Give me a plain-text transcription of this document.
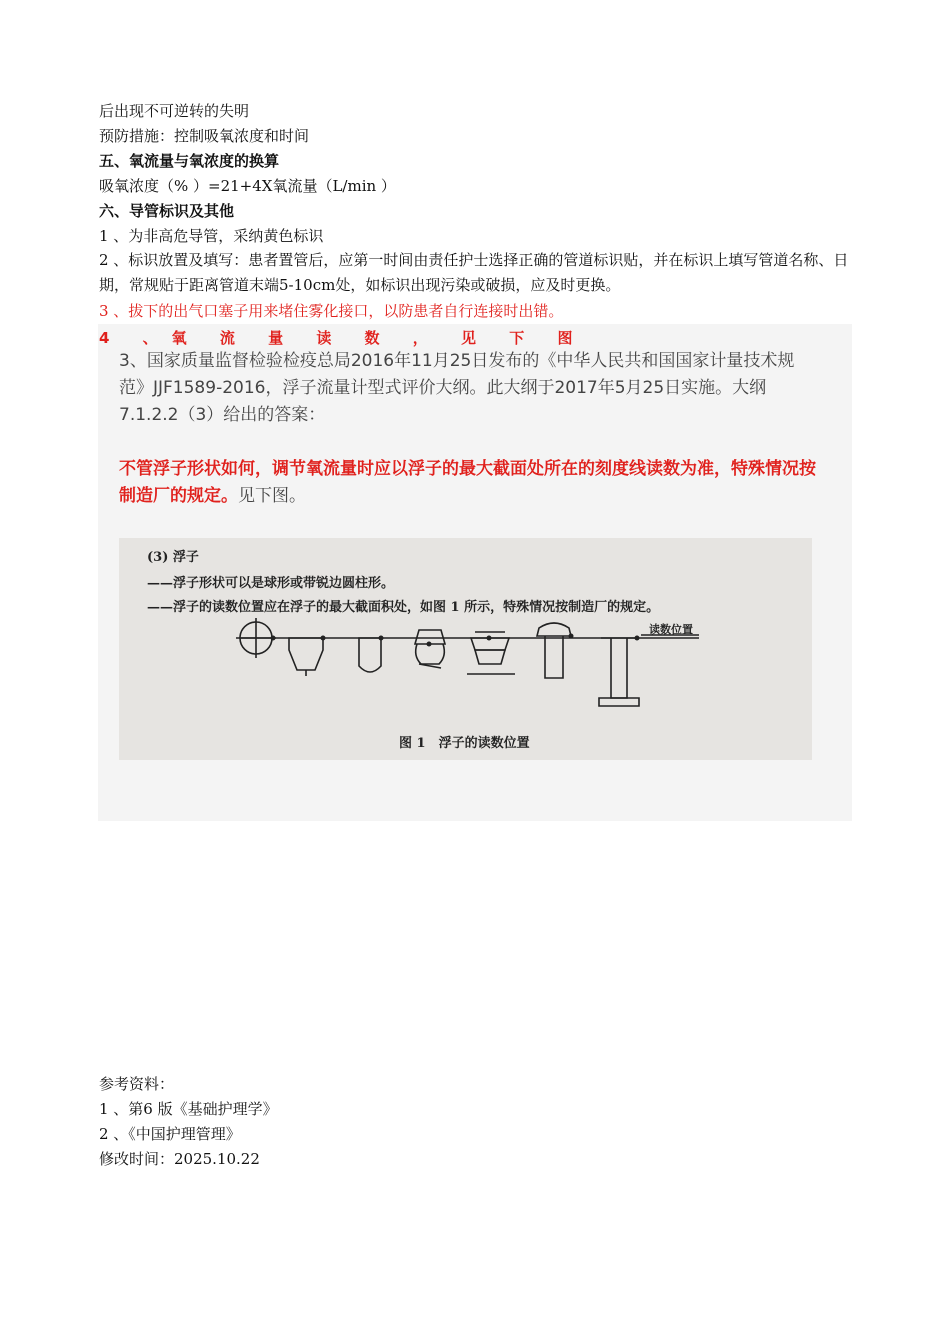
后出现不可逆转的失明
预防措施：控制吸氧浓度和时间
五、氧流量与氧浓度的换算
吸氧浓度（% ）=21+4X氧流量（L/min ）
六、导管标识及其他
1 、为非高危导管，采纳黄色标识
2 、标识放置及填写：患者置管后，应第一时间由责任护士选择正确的管道标识贴，并在标识上填写管道名称、日期，常规贴于距离管道末端5-10cm处，如标识出现污染或破损，应及时更换。
3 、拔下的出气口塞子用来堵住雾化接口，以防患者自行连接时出错。
3、国家质量监督检验检疫总局2016年11月25日发布的《中华人民共和国国家计量技术规范》JJF1589-2016，浮子流量计型式评价大纲。此大纲于2017年5月25日实施。大纲7.1.2.2（3）给出的答案：
不管浮子形状如何，调节氧流量时应以浮子的最大截面处所在的刻度线读数为准，特殊情况按制造厂的规定。见下图。
(3) 浮子
——浮子形状可以是球形或带锐边圆柱形。
——浮子的读数位置应在浮子的最大截面积处，如图 1 所示，特殊情况按制造厂的规定。
读数位置
图 1　浮子的读数位置
4 、氧 流 量 读 数 ， 见 下 图
参考资料：
1 、第6 版《基础护理学》
2 、《中国护理管理》
修改时间：2025.10.22
